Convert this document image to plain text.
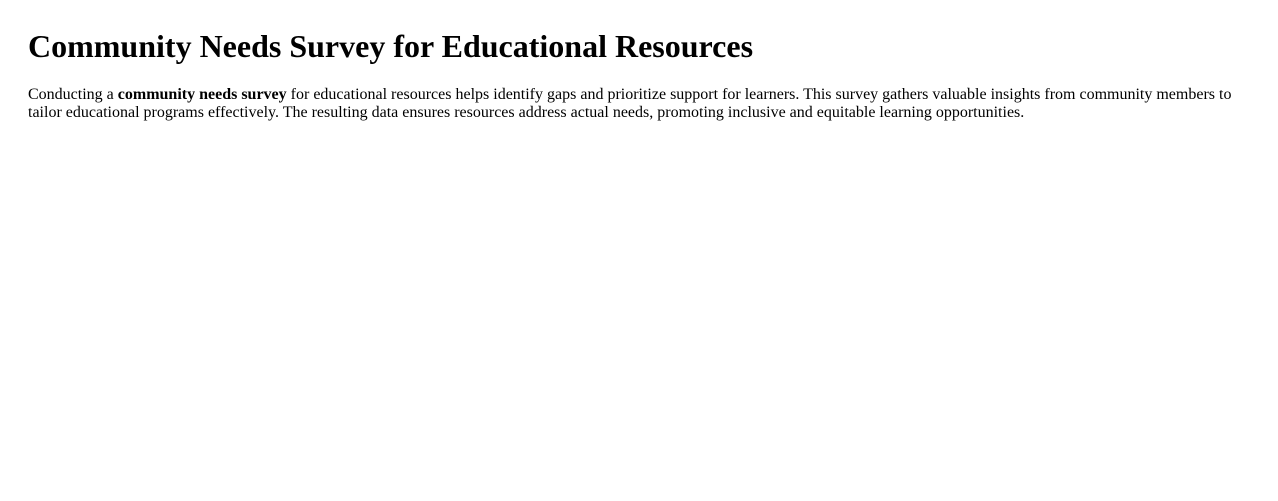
Community Needs Survey for Educational Resources

Conducting a community needs survey for educational resources helps identify gaps and prioritize support for learners. This survey gathers valuable insights from community members to tailor educational programs effectively. The resulting data ensures resources address actual needs, promoting inclusive and equitable learning opportunities.
